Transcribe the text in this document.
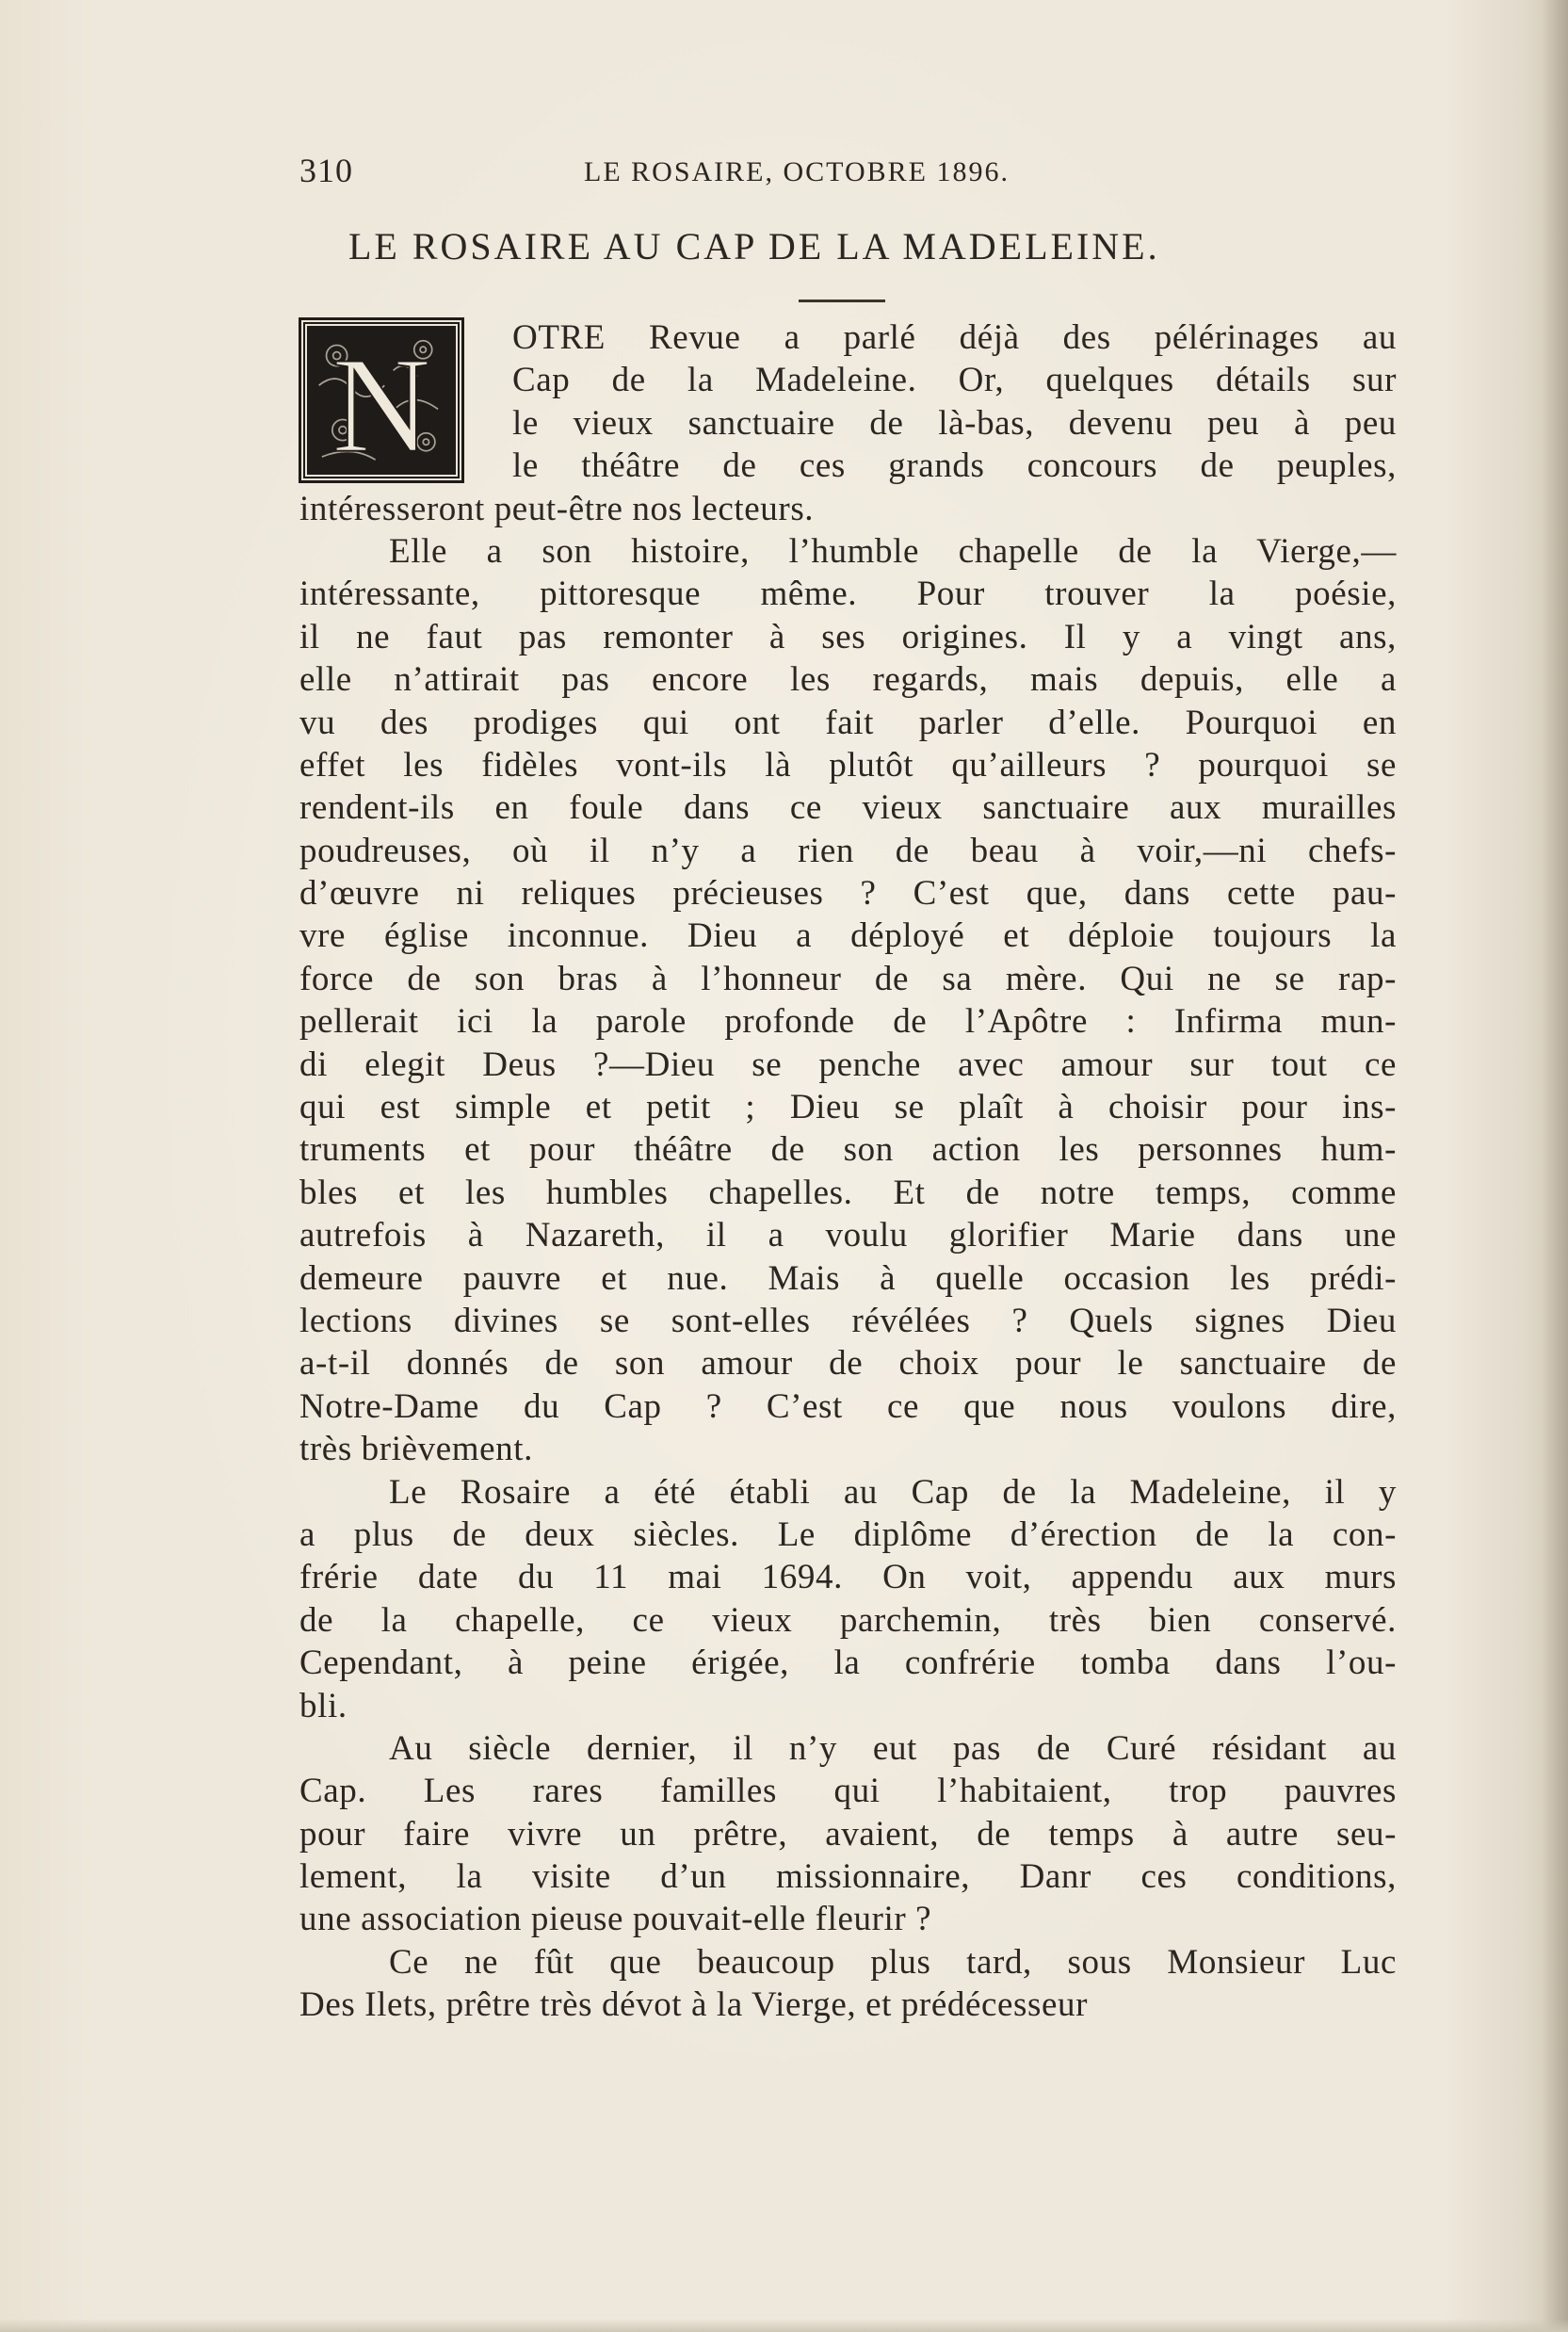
310	LE ROSAIRE, OCTOBRE 1896.
LE ROSAIRE AU CAP DE LA MADELEINE.
N	OTRE Revue a parlé déjà des pélérinages au
Cap de la Madeleine. Or, quelques détails sur
le vieux sanctuaire de là-bas, devenu peu à peu
le théâtre de ces grands concours de peuples,
intéresseront peut-être nos lecteurs.
Elle a son histoire, l’humble chapelle de la Vierge,—
intéressante, pittoresque même. Pour trouver la poésie,
il ne faut pas remonter à ses origines. Il y a vingt ans,
elle n’attirait pas encore les regards, mais depuis, elle a
vu des prodiges qui ont fait parler d’elle. Pourquoi en
effet les fidèles vont-ils là plutôt qu’ailleurs ? pourquoi se
rendent-ils en foule dans ce vieux sanctuaire aux murailles
poudreuses, où il n’y a rien de beau à voir,—ni chefs-
d’œuvre ni reliques précieuses ? C’est que, dans cette pau-
vre église inconnue. Dieu a déployé et déploie toujours la
force de son bras à l’honneur de sa mère. Qui ne se rap-
pellerait ici la parole profonde de l’Apôtre : Infirma mun-
di elegit Deus ?—Dieu se penche avec amour sur tout ce
qui est simple et petit ; Dieu se plaît à choisir pour ins-
truments et pour théâtre de son action les personnes hum-
bles et les humbles chapelles. Et de notre temps, comme
autrefois à Nazareth, il a voulu glorifier Marie dans une
demeure pauvre et nue. Mais à quelle occasion les prédi-
lections divines se sont-elles révélées ? Quels signes Dieu
a-t-il donnés de son amour de choix pour le sanctuaire de
Notre-Dame du Cap ? C’est ce que nous voulons dire,
très brièvement.
Le Rosaire a été établi au Cap de la Madeleine, il y
a plus de deux siècles. Le diplôme d’érection de la con-
frérie date du 11 mai 1694. On voit, appendu aux murs
de la chapelle, ce vieux parchemin, très bien conservé.
Cependant, à peine érigée, la confrérie tomba dans l’ou-
bli.
Au siècle dernier, il n’y eut pas de Curé résidant au
Cap. Les rares familles qui l’habitaient, trop pauvres
pour faire vivre un prêtre, avaient, de temps à autre seu-
lement, la visite d’un missionnaire, Danr ces conditions,
une association pieuse pouvait-elle fleurir ?
Ce ne fût que beaucoup plus tard, sous Monsieur Luc
Des Ilets, prêtre très dévot à la Vierge, et prédécesseur
